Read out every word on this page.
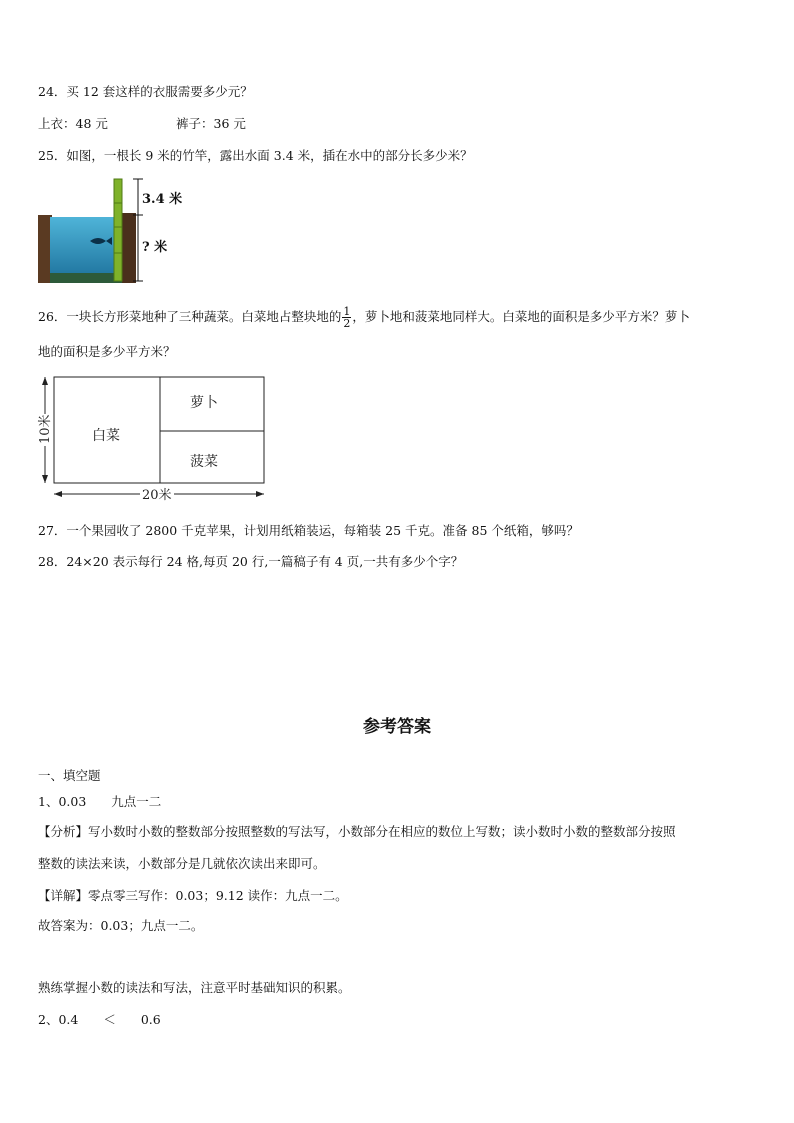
24．买 12 套这样的衣服需要多少元？
上衣：48 元	裤子：36 元
25．如图，一根长 9 米的竹竿，露出水面 3.4 米，插在水中的部分长多少米？
3.4 米
? 米
26．一块长方形菜地种了三种蔬菜。白菜地占整块地的 $\frac{1}{2}$ ，萝卜地和菠菜地同样大。白菜地的面积是多少平方米？萝卜
地的面积是多少平方米？
白菜
萝卜
菠菜
10米
20米
27．一个果园收了 2800 千克苹果，计划用纸箱装运，每箱装 25 千克。准备 85 个纸箱，够吗？
28．24×20 表示每行 24 格,每页 20 行,一篇稿子有 4 页,一共有多少个字？
参考答案
一、填空题
1、0.03　　九点一二
【分析】写小数时小数的整数部分按照整数的写法写，小数部分在相应的数位上写数；读小数时小数的整数部分按照
整数的读法来读，小数部分是几就依次读出来即可。
【详解】零点零三写作：0.03；9.12 读作：九点一二。
故答案为：0.03；九点一二。
熟练掌握小数的读法和写法，注意平时基础知识的积累。
2、0.4　　＜　　0.6
